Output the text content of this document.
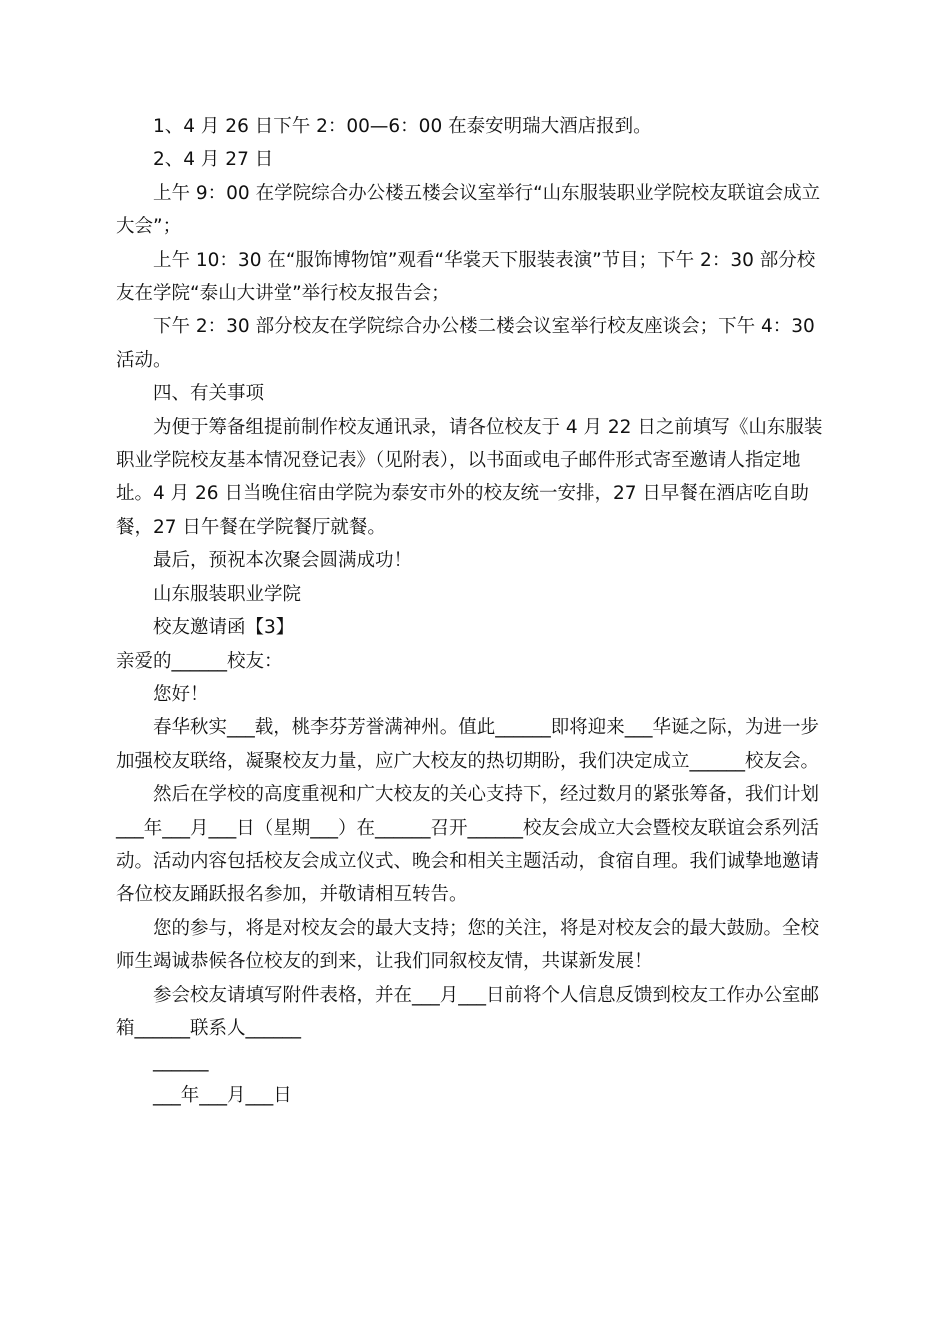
1、4 月 26 日下午 2：00—6：00 在泰安明瑞大酒店报到。

2、4 月 27 日

上午 9：00 在学院综合办公楼五楼会议室举行“山东服装职业学院校友联谊会成立大会”；

上午 10：30 在“服饰博物馆”观看“华裳天下服装表演”节目；下午 2：30 部分校友在学院“泰山大讲堂”举行校友报告会；

下午 2：30 部分校友在学院综合办公楼二楼会议室举行校友座谈会；下午 4：30 活动。

四、有关事项

为便于筹备组提前制作校友通讯录，请各位校友于 4 月 22 日之前填写《山东服装职业学院校友基本情况登记表》（见附表），以书面或电子邮件形式寄至邀请人指定地址。4 月 26 日当晚住宿由学院为泰安市外的校友统一安排，27 日早餐在酒店吃自助餐，27 日午餐在学院餐厅就餐。

最后，预祝本次聚会圆满成功！

山东服装职业学院

校友邀请函【3】

亲爱的______校友：

您好！

春华秋实___载，桃李芬芳誉满神州。值此______即将迎来___华诞之际，为进一步加强校友联络，凝聚校友力量，应广大校友的热切期盼，我们决定成立______校友会。

然后在学校的高度重视和广大校友的关心支持下，经过数月的紧张筹备，我们计划___年___月___日（星期___）在______召开______校友会成立大会暨校友联谊会系列活动。活动内容包括校友会成立仪式、晚会和相关主题活动，食宿自理。我们诚挚地邀请各位校友踊跃报名参加，并敬请相互转告。

您的参与，将是对校友会的最大支持；您的关注，将是对校友会的最大鼓励。全校师生竭诚恭候各位校友的到来，让我们同叙校友情，共谋新发展！

参会校友请填写附件表格，并在___月___日前将个人信息反馈到校友工作办公室邮箱______联系人______

______

___年___月___日
